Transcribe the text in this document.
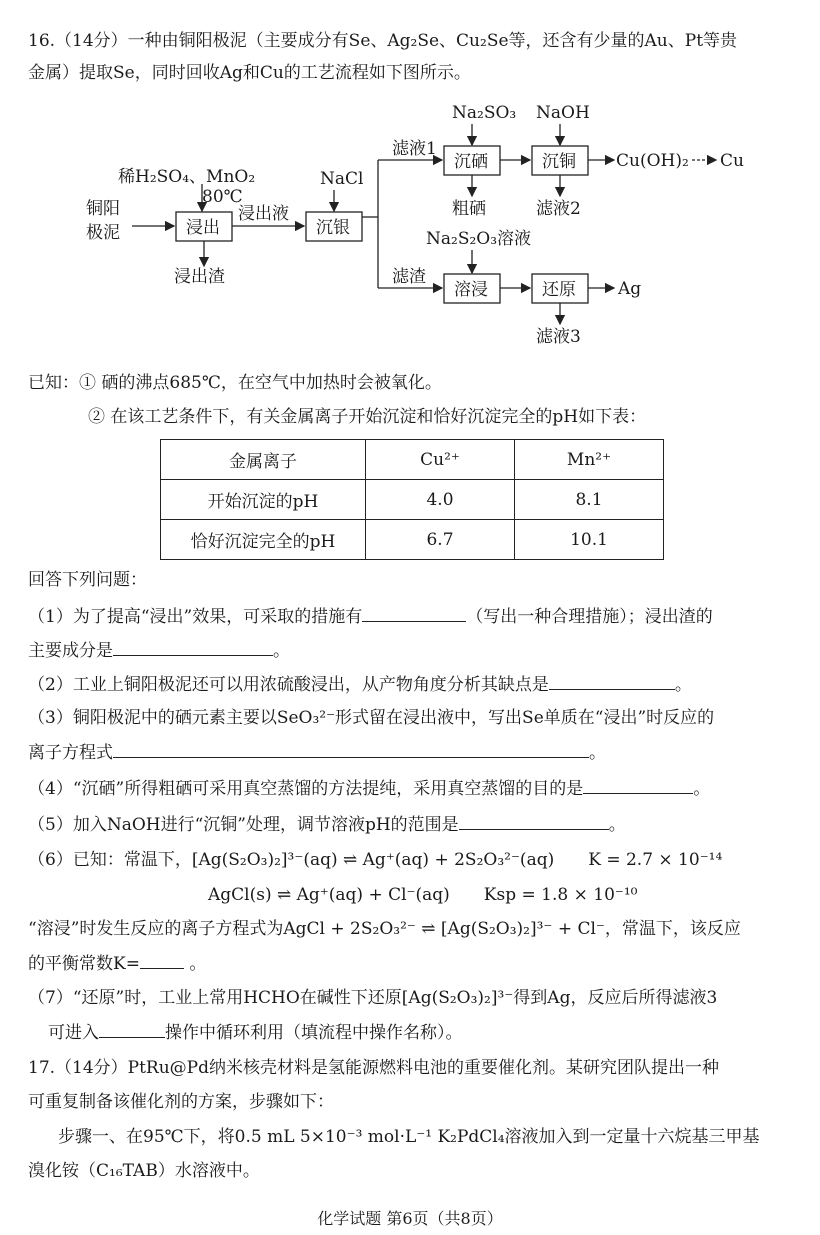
16.（14分）一种由铜阳极泥（主要成分有Se、Ag₂Se、Cu₂Se等，还含有少量的Au、Pt等贵
金属）提取Se，同时回收Ag和Cu的工艺流程如下图所示。
铜阳
极泥
稀H₂SO₄、MnO₂
80℃
浸出
浸出渣
浸出液
NaCl
沉银
滤液1
滤渣
Na₂SO₃
沉硒
粗硒
NaOH
沉铜
滤液2
Cu(OH)₂ Cu
Na₂S₂O₃溶液
溶浸	还原 Ag
滤液3
已知：① 硒的沸点685℃，在空气中加热时会被氧化。
② 在该工艺条件下，有关金属离子开始沉淀和恰好沉淀完全的pH如下表：
金属离子	Cu²⁺	Mn²⁺
开始沉淀的pH	4.0	8.1
恰好沉淀完全的pH	6.7	10.1
回答下列问题：
（1）为了提高“浸出”效果，可采取的措施有	（写出一种合理措施）；浸出渣的
主要成分是	。
（2）工业上铜阳极泥还可以用浓硫酸浸出，从产物角度分析其缺点是	。
（3）铜阳极泥中的硒元素主要以SeO₃²⁻形式留在浸出液中，写出Se单质在“浸出”时反应的
离子方程式	。
（4）“沉硒”所得粗硒可采用真空蒸馏的方法提纯，采用真空蒸馏的目的是	。
（5）加入NaOH进行“沉铜”处理，调节溶液pH的范围是	。
（6）已知：常温下，[Ag(S₂O₃)₂]³⁻(aq) ⇌ Ag⁺(aq) + 2S₂O₃²⁻(aq)　　K = 2.7 × 10⁻¹⁴
AgCl(s) ⇌ Ag⁺(aq) + Cl⁻(aq)　　Ksp = 1.8 × 10⁻¹⁰
“溶浸”时发生反应的离子方程式为AgCl + 2S₂O₃²⁻ ⇌ [Ag(S₂O₃)₂]³⁻ + Cl⁻，常温下，该反应
的平衡常数K=	。
（7）“还原”时，工业上常用HCHO在碱性下还原[Ag(S₂O₃)₂]³⁻得到Ag，反应后所得滤液3
可进入	操作中循环利用（填流程中操作名称）。
17.（14分）PtRu@Pd纳米核壳材料是氢能源燃料电池的重要催化剂。某研究团队提出一种
可重复制备该催化剂的方案，步骤如下：
步骤一、在95℃下，将0.5 mL 5×10⁻³ mol·L⁻¹ K₂PdCl₄溶液加入到一定量十六烷基三甲基
溴化铵（C₁₆TAB）水溶液中。
化学试题 第6页（共8页）
